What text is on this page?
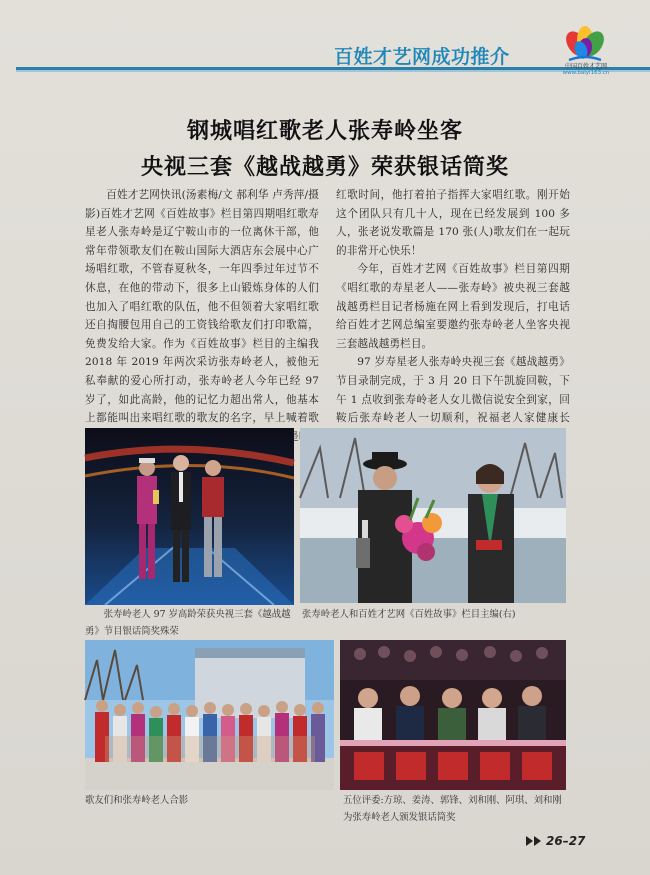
百姓才艺网成功推介	中国百姓才艺网
www.baiyi163.cn
钢城唱红歌老人张寿岭坐客
央视三套《越战越勇》荣获银话筒奖
百姓才艺网快讯(汤素梅/文 郝利华 卢秀萍/摄影)百姓才艺网《百姓故事》栏目第四期唱红歌寿星老人张寿岭是辽宁鞍山市的一位离休干部，他常年带领歌友们在鞍山国际大酒店东会展中心广场唱红歌，不管春夏秋冬，一年四季过年过节不休息，在他的带动下，很多上山锻炼身体的人们也加入了唱红歌的队伍，他不但领着大家唱红歌还自掏腰包用自己的工资钱给歌友们打印歌篇，免费发给大家。作为《百姓故事》栏目的主编我 2018 年 2019 年两次采访张寿岭老人，被他无私奉献的爱心所打动，张寿岭老人今年已经 97 岁了，如此高龄，他的记忆力超出常人，他基本上都能叫出来唱红歌的歌友的名字，早上喊着歌 是唱

红歌时间，他打着拍子指挥大家唱红歌。刚开始这个团队只有几十人，现在已经发展到 100 多人，张老说发歌篇是 170 张(人)歌友们在一起玩的非常开心快乐！

今年，百姓才艺网《百姓故事》栏目第四期《唱红歌的寿星老人——张寿岭》被央视三套越战越勇栏目记者杨施在网上看到发现后，打电话给百姓才艺网总编室要邀约张寿岭老人坐客央视三套越战越勇栏目。

97 岁寿星老人张寿岭央视三套《越战越勇》节目录制完成，于 3 月 20 日下午凯旋回鞍，下午 1 点收到张寿岭老人女儿微信说安全到家，回鞍后张寿岭老人一切顺利，祝福老人家健康长

张寿岭老人 97 岁高龄荣获央视三套《越战越勇》节目银话筒奖殊荣
张寿岭老人和百姓才艺网《百姓故事》栏目主编(右)
歌友们和张寿岭老人合影	五位评委:方琼、姜涛、郭锋、刘和刚、阿琪、刘和刚为张寿岭老人颁发银话筒奖
26–27
